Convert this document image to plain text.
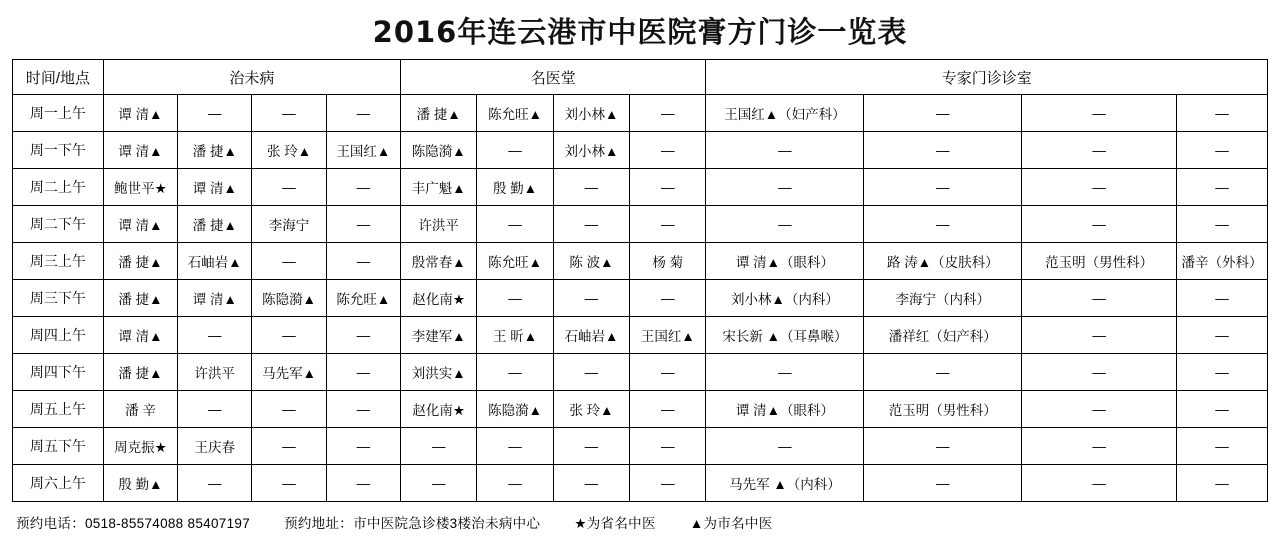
2016年连云港市中医院膏方门诊一览表
时间/地点	治未病				名医堂				专家门诊诊室			
周一上午	谭 清▲	—	—	—	潘 捷▲	陈允旺▲	刘小林▲	—	王国红▲（妇产科）	—	—	—
周一下午	谭 清▲	潘 捷▲	张 玲▲	王国红▲	陈隐漪▲	—	刘小林▲	—	—	—	—	—
周二上午	鲍世平★	谭 清▲	—	—	丰广魁▲	殷 勤▲	—	—	—	—	—	—
周二下午	谭 清▲	潘 捷▲	李海宁	—	许洪平	—	—	—	—	—	—	—
周三上午	潘 捷▲	石岫岩▲	—	—	殷常春▲	陈允旺▲	陈 波▲	杨 菊	谭 清▲（眼科）	路 涛▲（皮肤科）	范玉明（男性科）	潘辛（外科）
周三下午	潘 捷▲	谭 清▲	陈隐漪▲	陈允旺▲	赵化南★	—	—	—	刘小林▲（内科）	李海宁（内科）	—	—
周四上午	谭 清▲	—	—	—	李建军▲	王 昕▲	石岫岩▲	王国红▲	宋长新 ▲（耳鼻喉）	潘祥红（妇产科）	—	—
周四下午	潘 捷▲	许洪平	马先军▲	—	刘洪实▲	—	—	—	—	—	—	—
周五上午	潘 辛	—	—	—	赵化南★	陈隐漪▲	张 玲▲	—	谭 清▲（眼科）	范玉明（男性科）	—	—
周五下午	周克振★	王庆春	—	—	—	—	—	—	—	—	—	—
周六上午	殷 勤▲	—	—	—	—	—	—	—	马先军 ▲（内科）	—	—	—
预约电话：0518-85574088 85407197	预约地址：市中医院急诊楼3楼治未病中心	★为省名中医	▲为市名中医
